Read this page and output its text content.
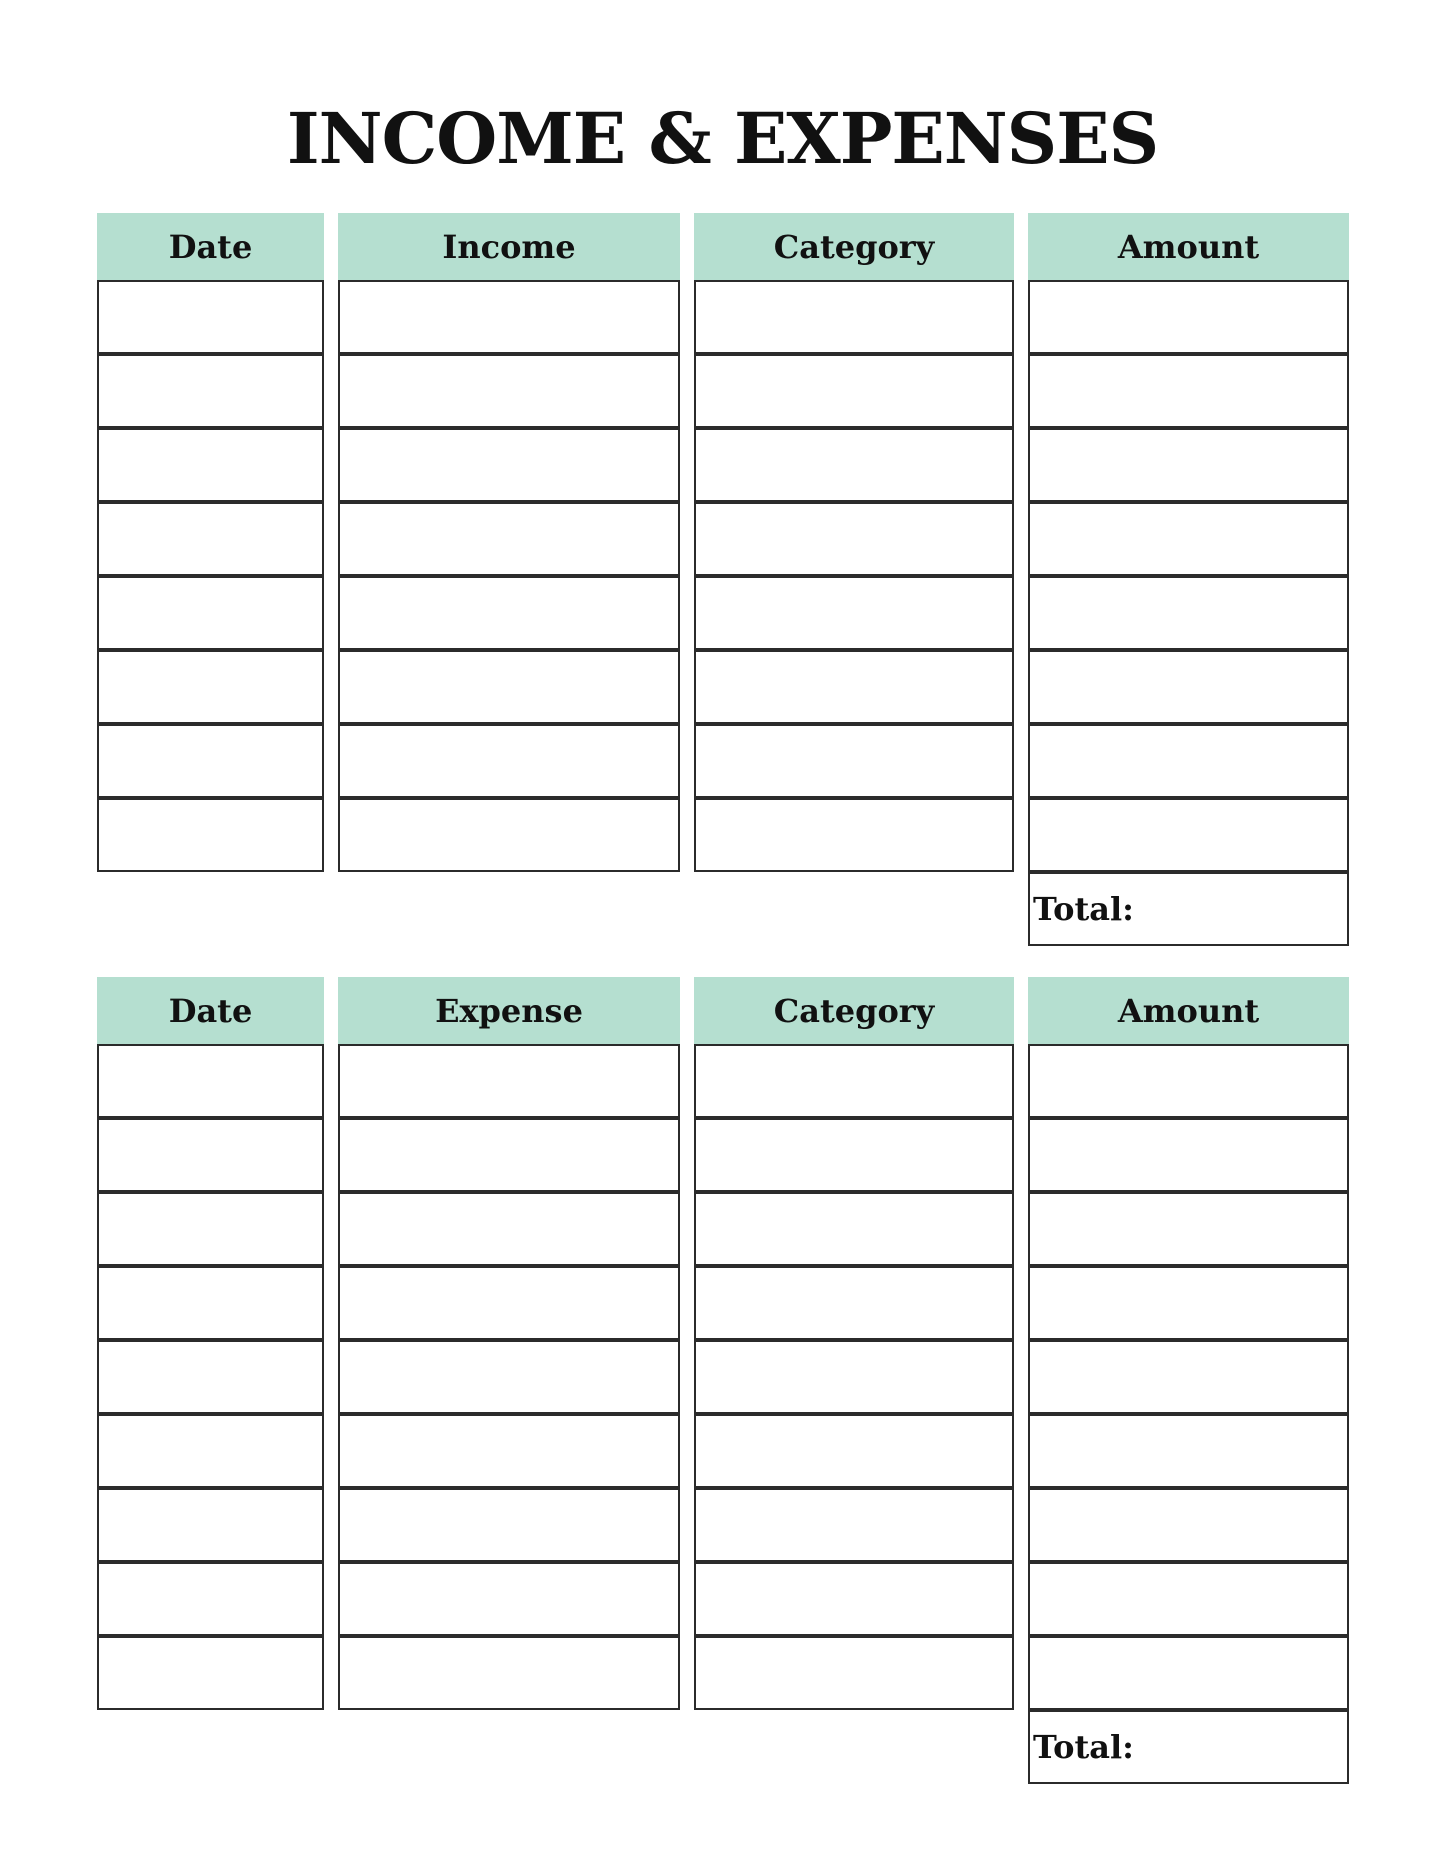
INCOME & EXPENSES
Date	Income	Category	Amount
Total:
Date	Expense	Category	Amount
Total:
